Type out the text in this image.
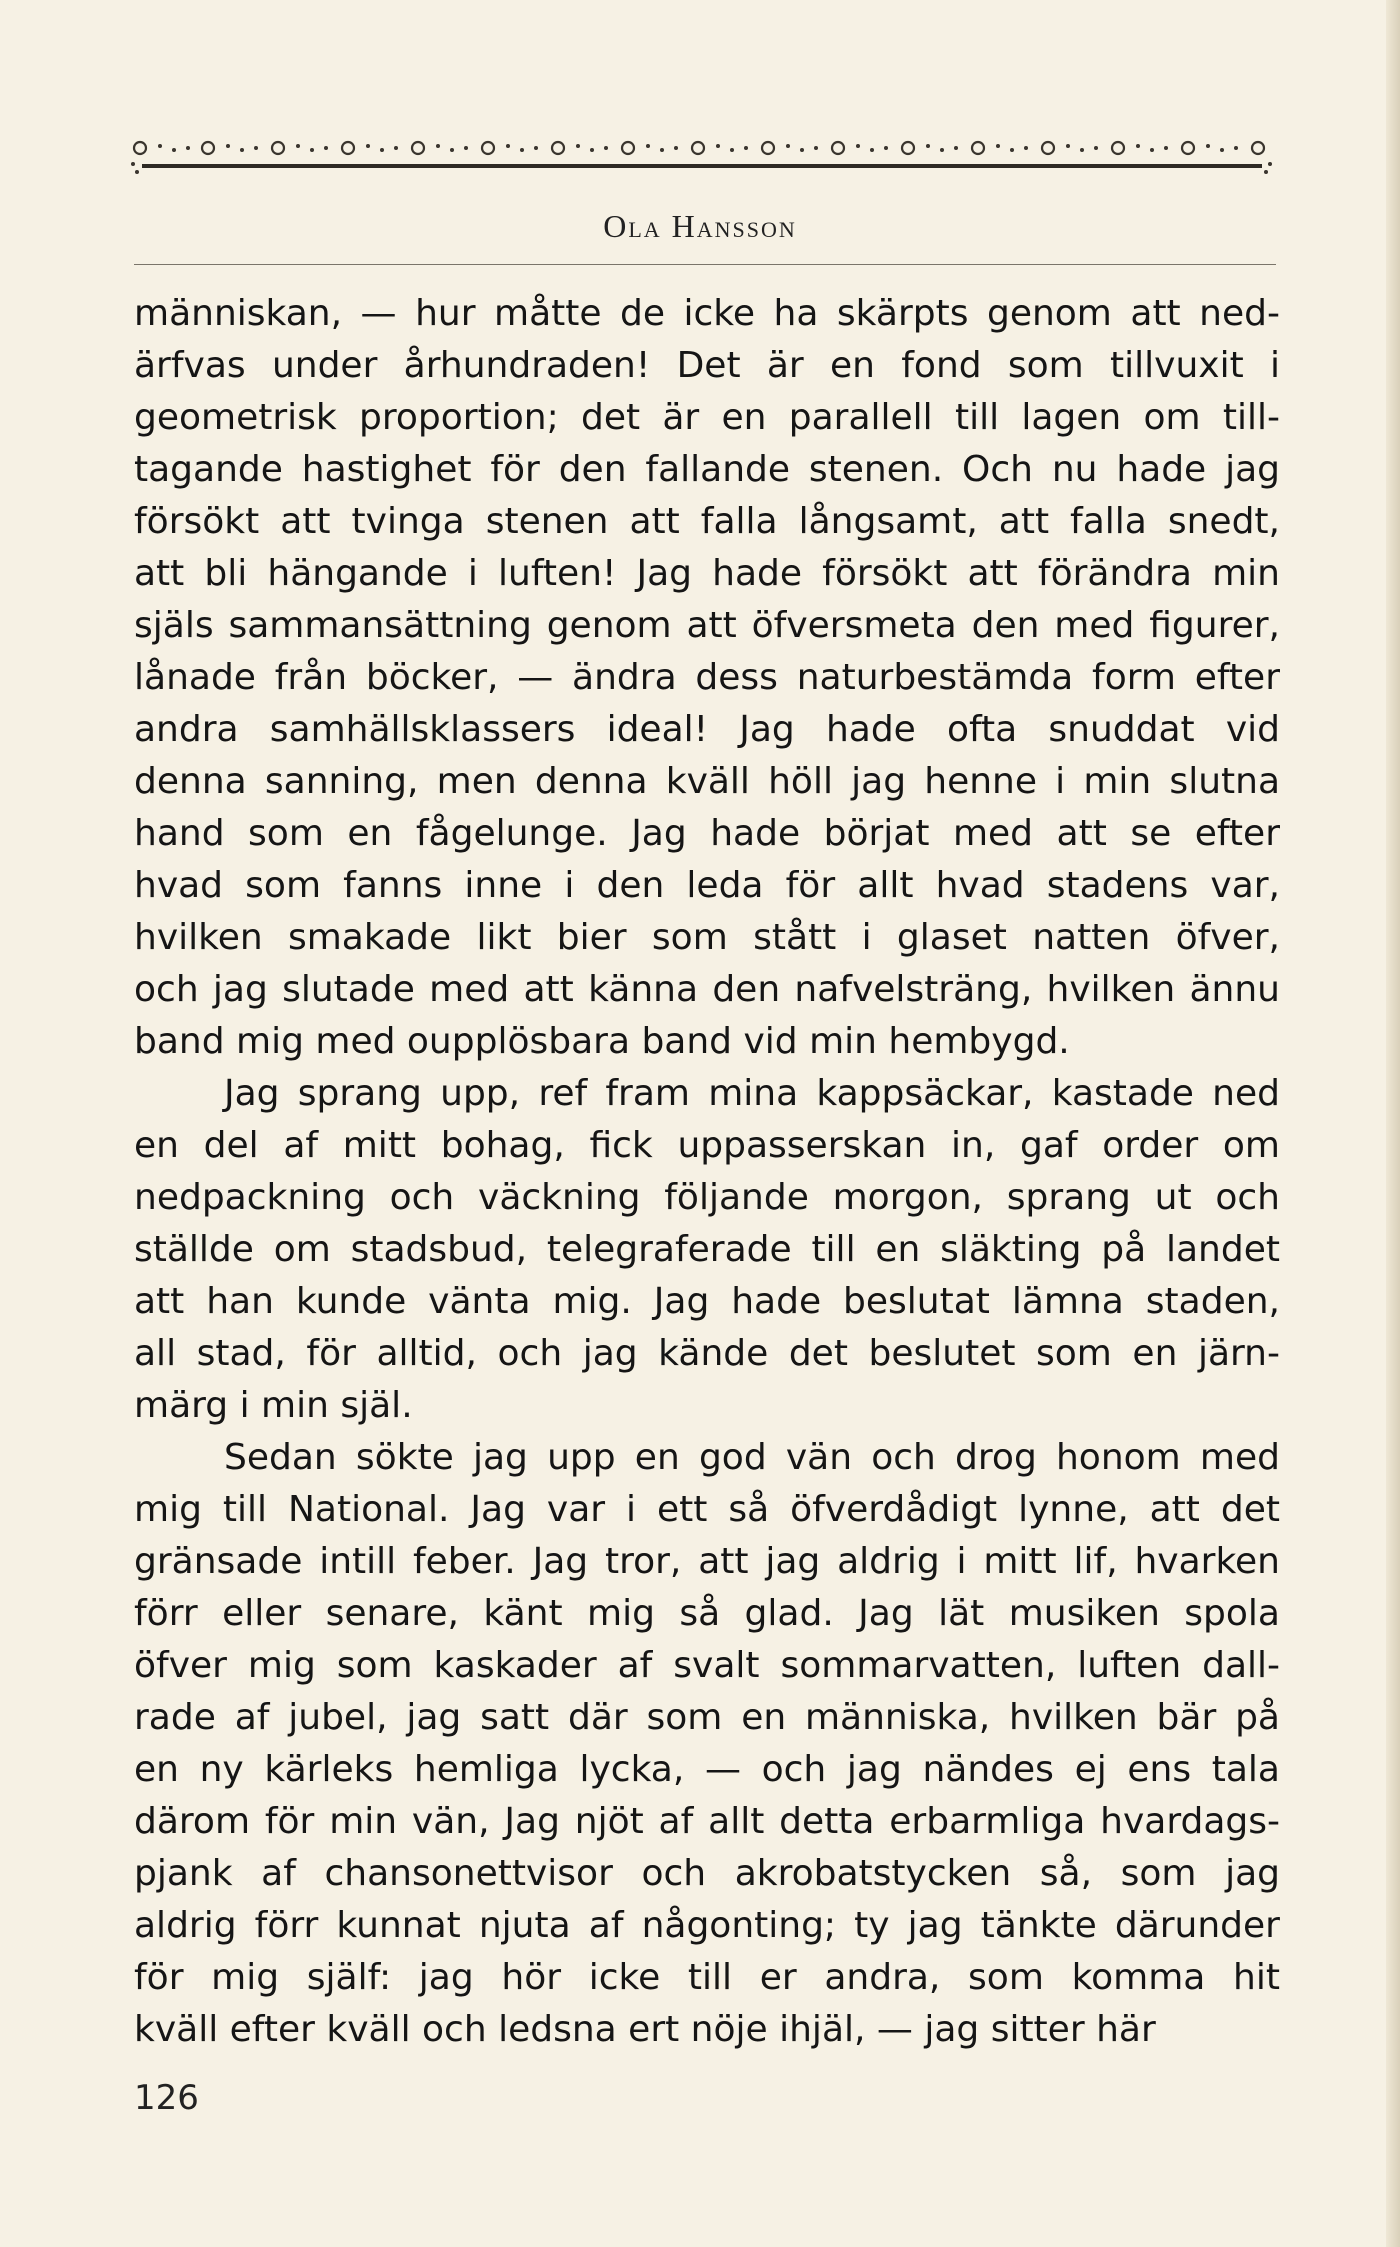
Ola Hansson
människan, — hur måtte de icke ha skärpts genom att ned-
ärfvas under århundraden! Det är en fond som tillvuxit i
geometrisk proportion; det är en parallell till lagen om till-
tagande hastighet för den fallande stenen. Och nu hade jag
försökt att tvinga stenen att falla långsamt, att falla snedt,
att bli hängande i luften! Jag hade försökt att förändra min
själs sammansättning genom att öfversmeta den med figurer,
lånade från böcker, — ändra dess naturbestämda form efter
andra samhällsklassers ideal! Jag hade ofta snuddat vid
denna sanning, men denna kväll höll jag henne i min slutna
hand som en fågelunge. Jag hade börjat med att se efter
hvad som fanns inne i den leda för allt hvad stadens var,
hvilken smakade likt bier som stått i glaset natten öfver,
och jag slutade med att känna den nafvelsträng, hvilken ännu
band mig med oupplösbara band vid min hembygd.
Jag sprang upp, ref fram mina kappsäckar, kastade ned
en del af mitt bohag, fick uppasserskan in, gaf order om
nedpackning och väckning följande morgon, sprang ut och
ställde om stadsbud, telegraferade till en släkting på landet
att han kunde vänta mig. Jag hade beslutat lämna staden,
all stad, för alltid, och jag kände det beslutet som en järn-
märg i min själ.
Sedan sökte jag upp en god vän och drog honom med
mig till National. Jag var i ett så öfverdådigt lynne, att det
gränsade intill feber. Jag tror, att jag aldrig i mitt lif, hvarken
förr eller senare, känt mig så glad. Jag lät musiken spola
öfver mig som kaskader af svalt sommarvatten, luften dall-
rade af jubel, jag satt där som en människa, hvilken bär på
en ny kärleks hemliga lycka, — och jag nändes ej ens tala
därom för min vän, Jag njöt af allt detta erbarmliga hvardags-
pjank af chansonettvisor och akrobatstycken så, som jag
aldrig förr kunnat njuta af någonting; ty jag tänkte därunder
för mig själf: jag hör icke till er andra, som komma hit
kväll efter kväll och ledsna ert nöje ihjäl, — jag sitter här
126
